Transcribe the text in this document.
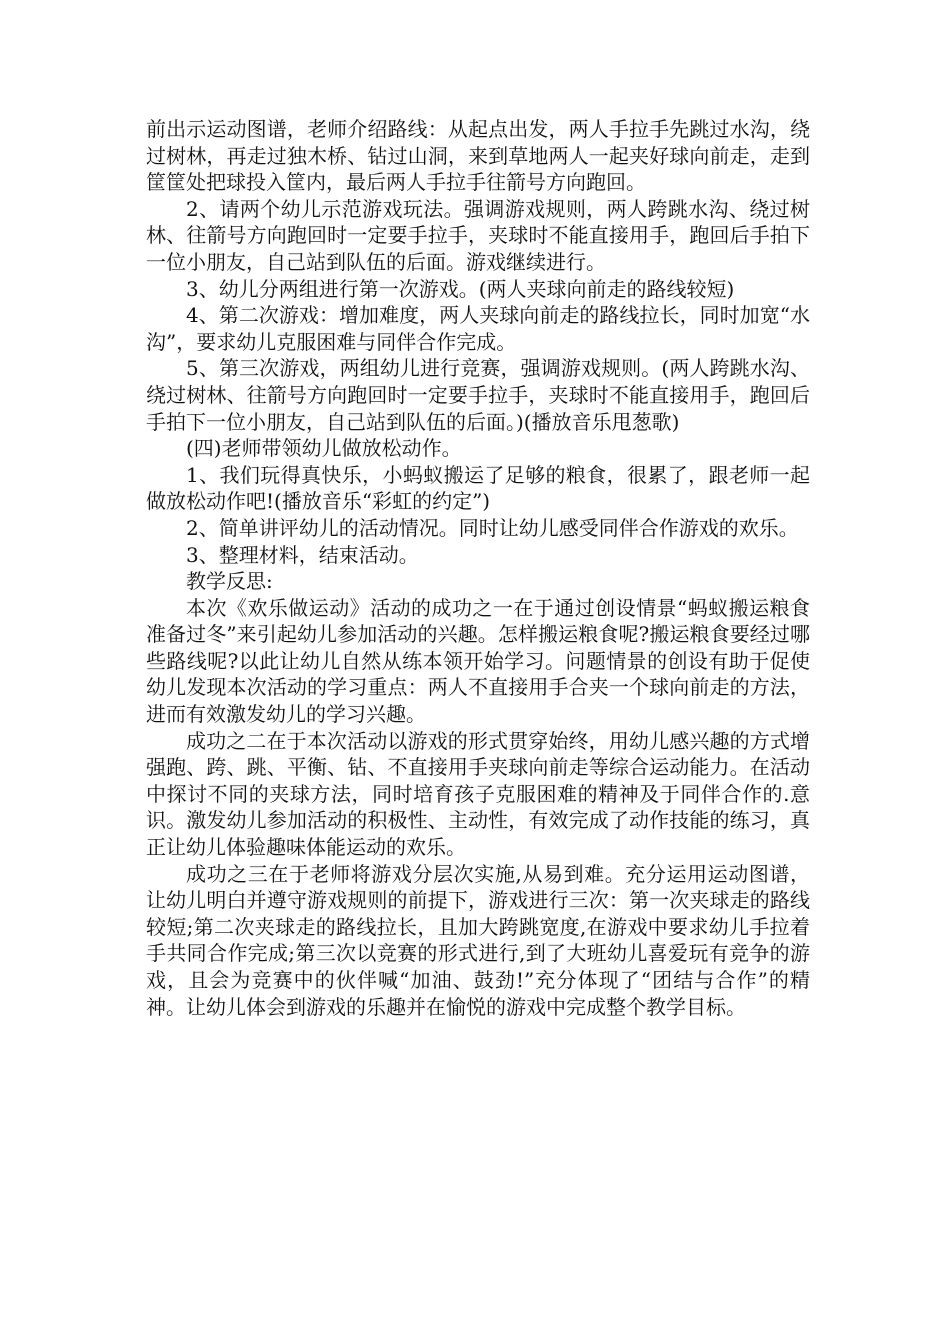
前出示运动图谱，老师介绍路线：从起点出发，两人手拉手先跳过水沟，绕过树林，再走过独木桥、钻过山洞，来到草地两人一起夹好球向前走，走到筐筐处把球投入筐内，最后两人手拉手往箭号方向跑回。

2、请两个幼儿示范游戏玩法。强调游戏规则，两人跨跳水沟、绕过树林、往箭号方向跑回时一定要手拉手，夹球时不能直接用手，跑回后手拍下一位小朋友，自己站到队伍的后面。游戏继续进行。

3、幼儿分两组进行第一次游戏。(两人夹球向前走的路线较短)

4、第二次游戏：增加难度，两人夹球向前走的路线拉长，同时加宽“水沟”，要求幼儿克服困难与同伴合作完成。

5、第三次游戏，两组幼儿进行竞赛，强调游戏规则。(两人跨跳水沟、绕过树林、往箭号方向跑回时一定要手拉手，夹球时不能直接用手，跑回后手拍下一位小朋友，自己站到队伍的后面。)(播放音乐甩葱歌)

(四)老师带领幼儿做放松动作。

1、我们玩得真快乐，小蚂蚁搬运了足够的粮食，很累了，跟老师一起做放松动作吧!(播放音乐“彩虹的约定”)

2、简单讲评幼儿的活动情况。同时让幼儿感受同伴合作游戏的欢乐。

3、整理材料，结束活动。

教学反思:

本次《欢乐做运动》活动的成功之一在于通过创设情景“蚂蚁搬运粮食准备过冬”来引起幼儿参加活动的兴趣。怎样搬运粮食呢?搬运粮食要经过哪些路线呢?以此让幼儿自然从练本领开始学习。问题情景的创设有助于促使幼儿发现本次活动的学习重点：两人不直接用手合夹一个球向前走的方法，进而有效激发幼儿的学习兴趣。

成功之二在于本次活动以游戏的形式贯穿始终，用幼儿感兴趣的方式增强跑、跨、跳、平衡、钻、不直接用手夹球向前走等综合运动能力。在活动中探讨不同的夹球方法，同时培育孩子克服困难的精神及于同伴合作的.意识。激发幼儿参加活动的积极性、主动性，有效完成了动作技能的练习，真正让幼儿体验趣味体能运动的欢乐。

成功之三在于老师将游戏分层次实施,从易到难。充分运用运动图谱，让幼儿明白并遵守游戏规则的前提下，游戏进行三次：第一次夹球走的路线较短;第二次夹球走的路线拉长，且加大跨跳宽度,在游戏中要求幼儿手拉着手共同合作完成;第三次以竞赛的形式进行,到了大班幼儿喜爱玩有竞争的游戏，且会为竞赛中的伙伴喊“加油、鼓劲!”充分体现了“团结与合作”的精神。让幼儿体会到游戏的乐趣并在愉悦的游戏中完成整个教学目标。
